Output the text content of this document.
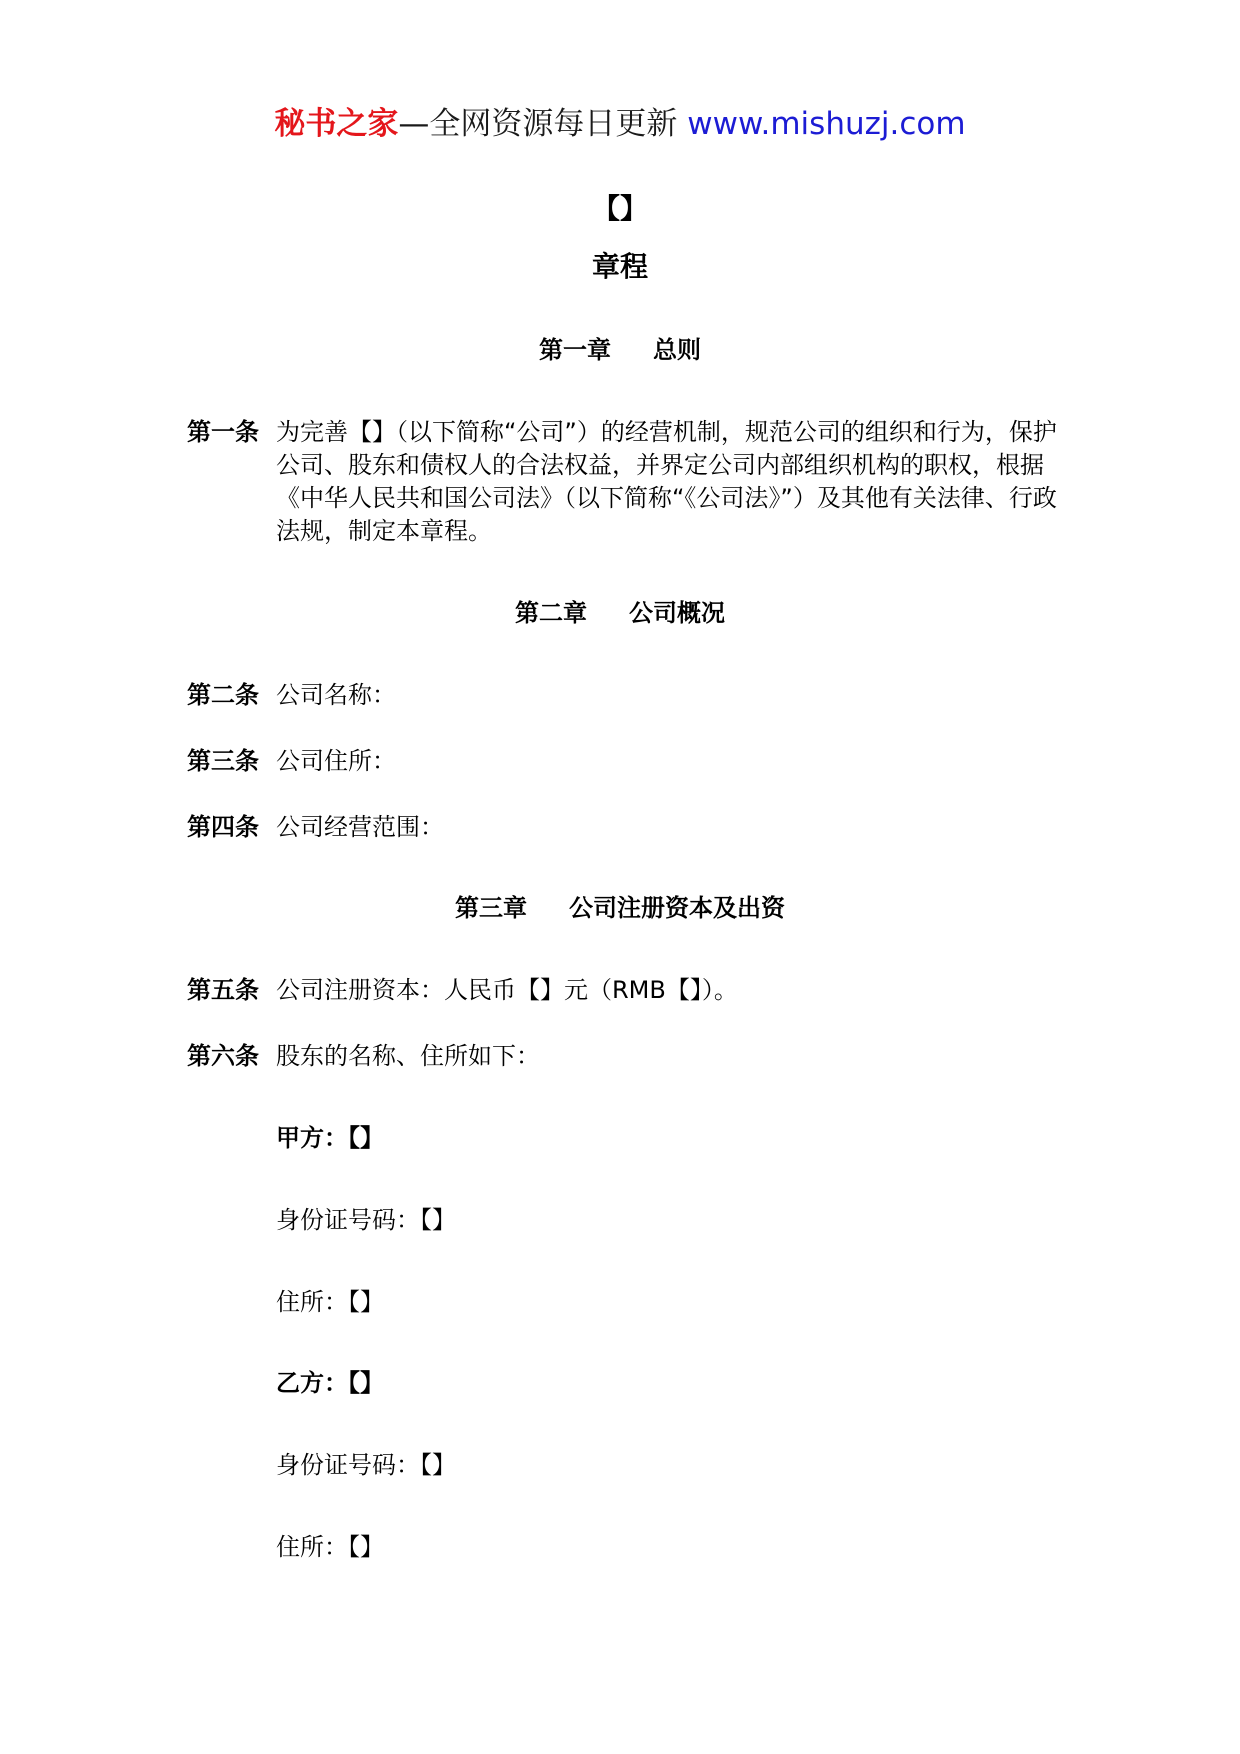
秘书之家—全网资源每日更新 www.mishuzj.com
【】
章程
第一章 总则
第一条 为完善【】（以下简称“公司”）的经营机制，规范公司的组织和行为，保护公司、股东和债权人的合法权益，并界定公司内部组织机构的职权，根据《中华人民共和国公司法》（以下简称“《公司法》”）及其他有关法律、行政法规，制定本章程。
第二章 公司概况
第二条 公司名称：
第三条 公司住所：
第四条 公司经营范围：
第三章 公司注册资本及出资
第五条 公司注册资本：人民币【】元（RMB【】）。
第六条 股东的名称、住所如下：
甲方：【】
身份证号码：【】
住所：【】
乙方：【】
身份证号码：【】
住所：【】
